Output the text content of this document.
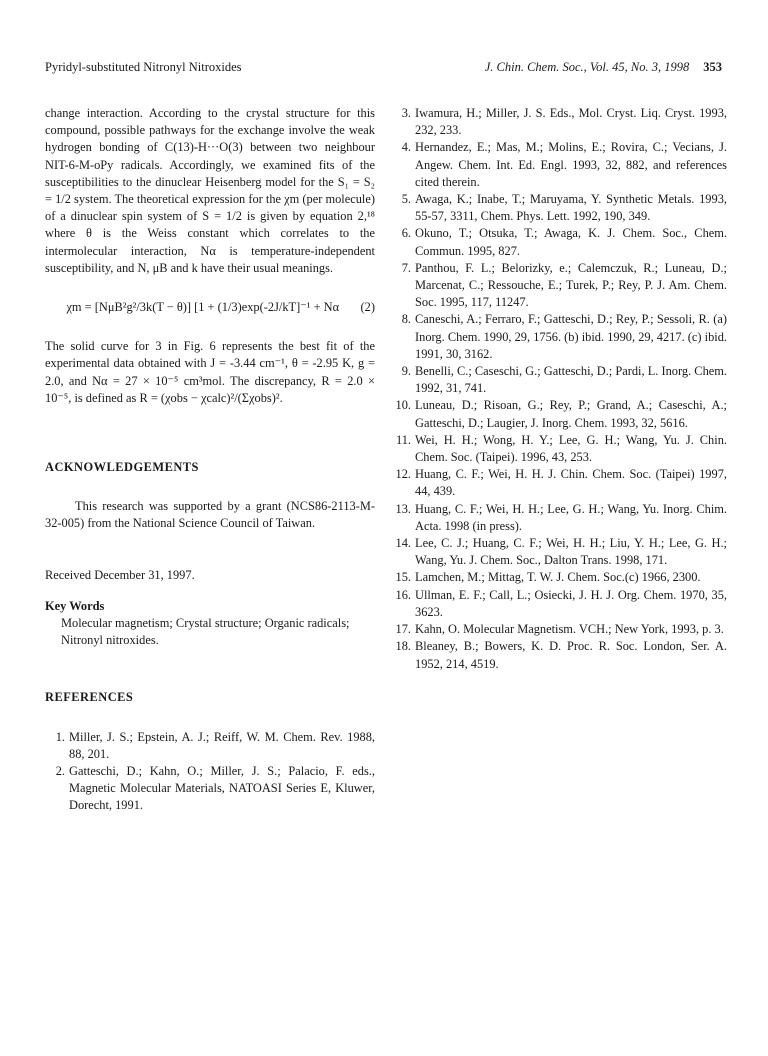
Pyridyl-substituted Nitronyl Nitroxides	J. Chin. Chem. Soc., Vol. 45, No. 3, 1998 353

change interaction. According to the crystal structure for this compound, possible pathways for the exchange involve the weak hydrogen bonding of C(13)-H···O(3) between two neighbour NIT-6-M-oPy radicals. Accordingly, we examined fits of the susceptibilities to the dinuclear Heisenberg model for the S₁ = S₂ = 1/2 system. The theoretical expression for the χm (per molecule) of a dinuclear spin system of S = 1/2 is given by equation 2,¹⁸ where θ is the Weiss constant which correlates to the intermolecular interaction, Nα is temperature-independent susceptibility, and N, μB and k have their usual meanings.

χm = [NμB²g²/3k(T − θ)] [1 + (1/3)exp(-2J/kT]⁻¹ + Nα (2)

The solid curve for 3 in Fig. 6 represents the best fit of the experimental data obtained with J = -3.44 cm⁻¹, θ = -2.95 K, g = 2.0, and Nα = 27 × 10⁻⁵ cm³mol. The discrepancy, R = 2.0 × 10⁻⁵, is defined as R = (χobs − χcalc)²/(Σχobs)².

ACKNOWLEDGEMENTS

This research was supported by a grant (NCS86-2113-M-32-005) from the National Science Council of Taiwan.

Received December 31, 1997.

Key Words

Molecular magnetism; Crystal structure; Organic radicals; Nitronyl nitroxides.

REFERENCES

1. Miller, J. S.; Epstein, A. J.; Reiff, W. M. Chem. Rev. 1988, 88, 201.
2. Gatteschi, D.; Kahn, O.; Miller, J. S.; Palacio, F. eds., Magnetic Molecular Materials, NATOASI Series E, Kluwer, Dorecht, 1991.
3. Iwamura, H.; Miller, J. S. Eds., Mol. Cryst. Liq. Cryst. 1993, 232, 233.
4. Hernandez, E.; Mas, M.; Molins, E.; Rovira, C.; Vecians, J. Angew. Chem. Int. Ed. Engl. 1993, 32, 882, and references cited therein.
5. Awaga, K.; Inabe, T.; Maruyama, Y. Synthetic Metals. 1993, 55-57, 3311, Chem. Phys. Lett. 1992, 190, 349.
6. Okuno, T.; Otsuka, T.; Awaga, K. J. Chem. Soc., Chem. Commun. 1995, 827.
7. Panthou, F. L.; Belorizky, e.; Calemczuk, R.; Luneau, D.; Marcenat, C.; Ressouche, E.; Turek, P.; Rey, P. J. Am. Chem. Soc. 1995, 117, 11247.
8. Caneschi, A.; Ferraro, F.; Gatteschi, D.; Rey, P.; Sessoli, R. (a) Inorg. Chem. 1990, 29, 1756. (b) ibid. 1990, 29, 4217. (c) ibid. 1991, 30, 3162.
9. Benelli, C.; Caseschi, G.; Gatteschi, D.; Pardi, L. Inorg. Chem. 1992, 31, 741.
10. Luneau, D.; Risoan, G.; Rey, P.; Grand, A.; Caseschi, A.; Gatteschi, D.; Laugier, J. Inorg. Chem. 1993, 32, 5616.
11. Wei, H. H.; Wong, H. Y.; Lee, G. H.; Wang, Yu. J. Chin. Chem. Soc. (Taipei). 1996, 43, 253.
12. Huang, C. F.; Wei, H. H. J. Chin. Chem. Soc. (Taipei) 1997, 44, 439.
13. Huang, C. F.; Wei, H. H.; Lee, G. H.; Wang, Yu. Inorg. Chim. Acta. 1998 (in press).
14. Lee, C. J.; Huang, C. F.; Wei, H. H.; Liu, Y. H.; Lee, G. H.; Wang, Yu. J. Chem. Soc., Dalton Trans. 1998, 171.
15. Lamchen, M.; Mittag, T. W. J. Chem. Soc.(c) 1966, 2300.
16. Ullman, E. F.; Call, L.; Osiecki, J. H. J. Org. Chem. 1970, 35, 3623.
17. Kahn, O. Molecular Magnetism. VCH.; New York, 1993, p. 3.
18. Bleaney, B.; Bowers, K. D. Proc. R. Soc. London, Ser. A. 1952, 214, 4519.
